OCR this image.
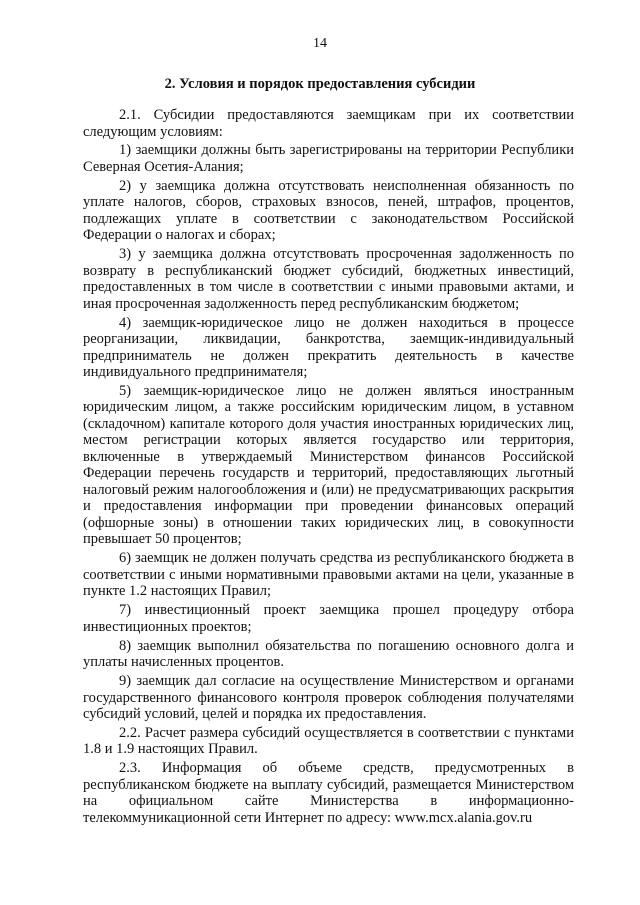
14
2. Условия и порядок предоставления субсидии

2.1. Субсидии предоставляются заемщикам при их соответствии следующим условиям:

1) заемщики должны быть зарегистрированы на территории Республики Северная Осетия-Алания;

2) у заемщика должна отсутствовать неисполненная обязанность по уплате налогов, сборов, страховых взносов, пеней, штрафов, процентов, подлежащих уплате в соответствии с законодательством Российской Федерации о налогах и сборах;

3) у заемщика должна отсутствовать просроченная задолженность по возврату в республиканский бюджет субсидий, бюджетных инвестиций, предоставленных в том числе в соответствии с иными правовыми актами, и иная просроченная задолженность перед республиканским бюджетом;

4) заемщик-юридическое лицо не должен находиться в процессе реорганизации, ликвидации, банкротства, заемщик-индивидуальный предприниматель не должен прекратить деятельность в качестве индивидуального предпринимателя;

5) заемщик-юридическое лицо не должен являться иностранным юридическим лицом, а также российским юридическим лицом, в уставном (складочном) капитале которого доля участия иностранных юридических лиц, местом регистрации которых является государство или территория, включенные в утверждаемый Министерством финансов Российской Федерации перечень государств и территорий, предоставляющих льготный налоговый режим налогообложения и (или) не предусматривающих раскрытия и предоставления информации при проведении финансовых операций (офшорные зоны) в отношении таких юридических лиц, в совокупности превышает 50 процентов;

6) заемщик не должен получать средства из республиканского бюджета в соответствии с иными нормативными правовыми актами на цели, указанные в пункте 1.2 настоящих Правил;

7) инвестиционный проект заемщика прошел процедуру отбора инвестиционных проектов;

8) заемщик выполнил обязательства по погашению основного долга и уплаты начисленных процентов.

9) заемщик дал согласие на осуществление Министерством и органами государственного финансового контроля проверок соблюдения получателями субсидий условий, целей и порядка их предоставления.

2.2. Расчет размера субсидий осуществляется в соответствии с пунктами 1.8 и 1.9 настоящих Правил.

2.3. Информация об объеме средств, предусмотренных в республиканском бюджете на выплату субсидий, размещается Министерством на официальном сайте Министерства в информационно-телекоммуникационной сети Интернет по адресу: www.mcx.alania.gov.ru
